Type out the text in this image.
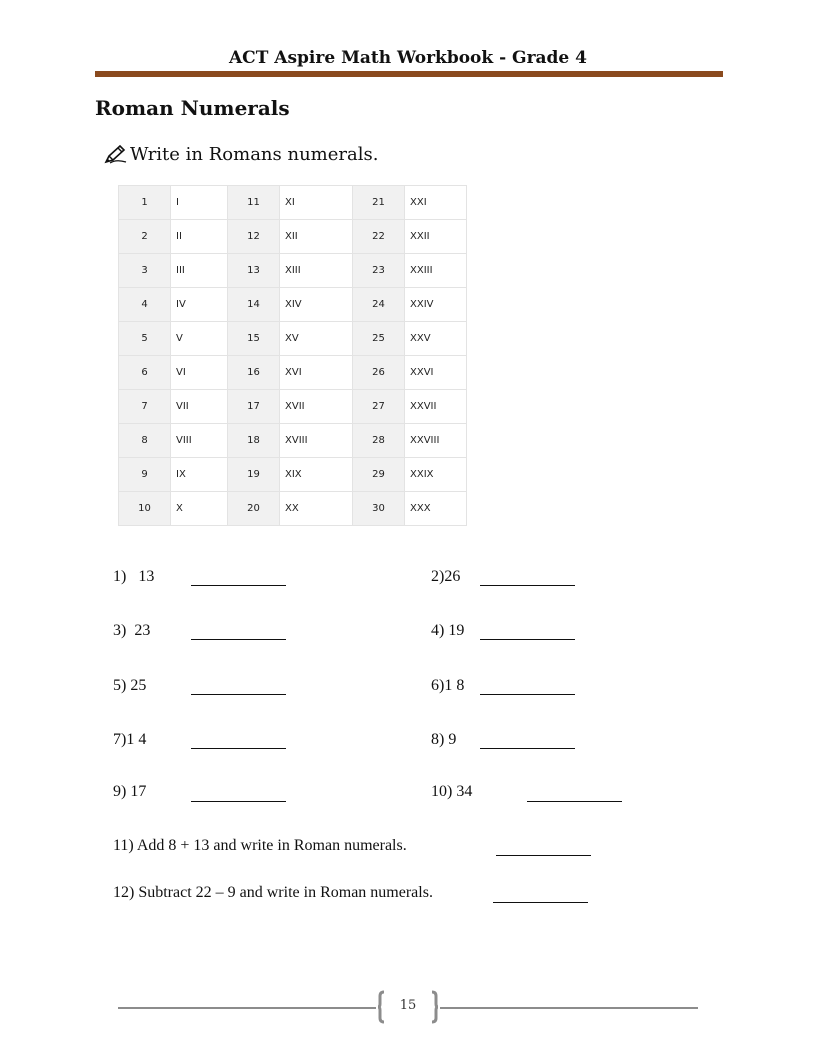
ACT Aspire Math Workbook - Grade 4
Roman Numerals
Write in Romans numerals.
1	I	11	XI	21	XXI
2	II	12	XII	22	XXII
3	III	13	XIII	23	XXIII
4	IV	14	XIV	24	XXIV
5	V	15	XV	25	XXV
6	VI	16	XVI	26	XXVI
7	VII	17	XVII	27	XXVII
8	VIII	18	XVIII	28	XXVIII
9	IX	19	XIX	29	XXIX
10	X	20	XX	30	XXX
1)   13
3)  23
5) 25
7)1 4
9) 17
2)26
4) 19
6)1 8
8) 9
10) 34
11) Add 8 + 13 and write in Roman numerals.
12) Subtract 22 – 9 and write in Roman numerals.
15
